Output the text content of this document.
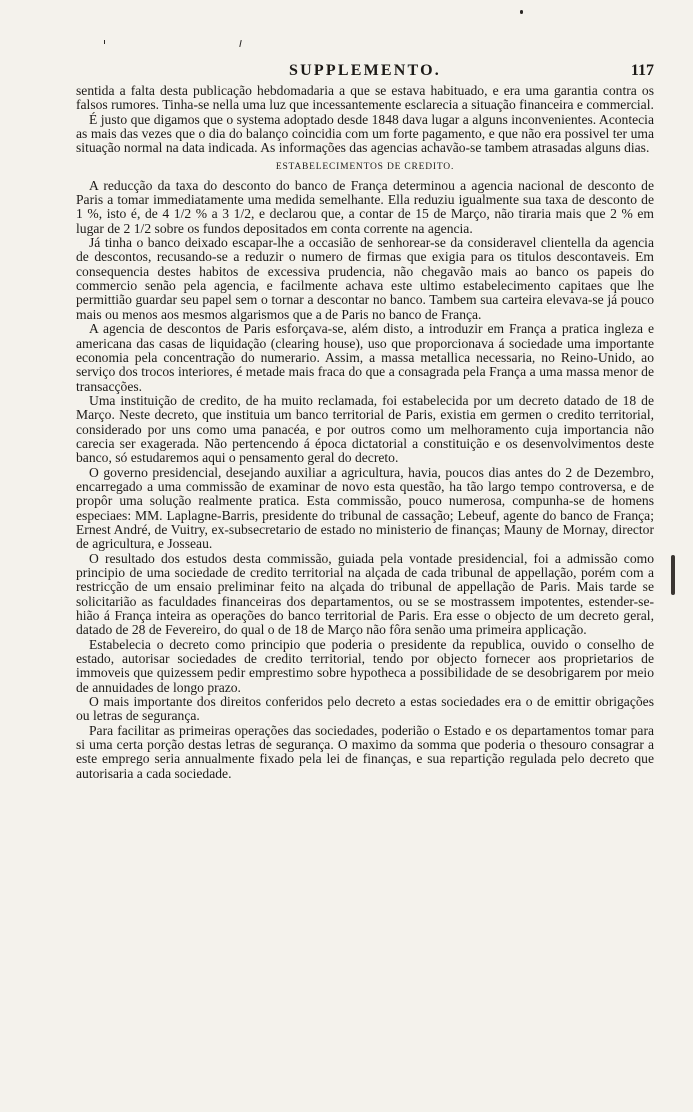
SUPPLEMENTO.	117

sentida a falta desta publicação hebdomadaria a que se estava habituado, e era uma garantia contra os falsos rumores. Tinha-se nella uma luz que incessantemente esclarecia a situação financeira e commercial.

É justo que digamos que o systema adoptado desde 1848 dava lugar a alguns inconvenientes. Acontecia as mais das vezes que o dia do balanço coincidia com um forte pagamento, e que não era possivel ter uma situação normal na data indicada. As informações das agencias achavão-se tambem atrasadas alguns dias.

ESTABELECIMENTOS DE CREDITO.

A reducção da taxa do desconto do banco de França determinou a agencia nacional de desconto de Paris a tomar immediatamente uma medida semelhante. Ella reduziu igualmente sua taxa de desconto de 1 %, isto é, de 4 1/2 % a 3 1/2, e declarou que, a contar de 15 de Março, não tiraria mais que 2 % em lugar de 2 1/2 sobre os fundos depositados em conta corrente na agencia.

Já tinha o banco deixado escapar-lhe a occasião de senhorear-se da consideravel clientella da agencia de descontos, recusando-se a reduzir o numero de firmas que exigia para os titulos descontaveis. Em consequencia destes habitos de excessiva prudencia, não chegavão mais ao banco os papeis do commercio senão pela agencia, e facilmente achava este ultimo estabelecimento capitaes que lhe permittião guardar seu papel sem o tornar a descontar no banco. Tambem sua carteira elevava-se já pouco mais ou menos aos mesmos algarismos que a de Paris no banco de França.

A agencia de descontos de Paris esforçava-se, além disto, a introduzir em França a pratica ingleza e americana das casas de liquidação (clearing house), uso que proporcionava á sociedade uma importante economia pela concentração do numerario. Assim, a massa metallica necessaria, no Reino-Unido, ao serviço dos trocos interiores, é metade mais fraca do que a consagrada pela França a uma massa menor de transacções.

Uma instituição de credito, de ha muito reclamada, foi estabelecida por um decreto datado de 18 de Março. Neste decreto, que instituia um banco territorial de Paris, existia em germen o credito territorial, considerado por uns como uma panacéa, e por outros como um melhoramento cuja importancia não carecia ser exagerada. Não pertencendo á época dictatorial a constituição e os desenvolvimentos deste banco, só estudaremos aqui o pensamento geral do decreto.

O governo presidencial, desejando auxiliar a agricultura, havia, poucos dias antes do 2 de Dezembro, encarregado a uma commissão de examinar de novo esta questão, ha tão largo tempo controversa, e de propôr uma solução realmente pratica. Esta commissão, pouco numerosa, compunha-se de homens especiaes: MM. Laplagne-Barris, presidente do tribunal de cassação; Lebeuf, agente do banco de França; Ernest André, de Vuitry, ex-subsecretario de estado no ministerio de finanças; Mauny de Mornay, director de agricultura, e Josseau.

O resultado dos estudos desta commissão, guiada pela vontade presidencial, foi a admissão como principio de uma sociedade de credito territorial na alçada de cada tribunal de appellação, porém com a restricção de um ensaio preliminar feito na alçada do tribunal de appellação de Paris. Mais tarde se solicitarião as faculdades financeiras dos departamentos, ou se se mostrassem impotentes, estender-se-hião á França inteira as operações do banco territorial de Paris. Era esse o objecto de um decreto geral, datado de 28 de Fevereiro, do qual o de 18 de Março não fôra senão uma primeira applicação.

Estabelecia o decreto como principio que poderia o presidente da republica, ouvido o conselho de estado, autorisar sociedades de credito territorial, tendo por objecto fornecer aos proprietarios de immoveis que quizessem pedir emprestimo sobre hypotheca a possibilidade de se desobrigarem por meio de annuidades de longo prazo.

O mais importante dos direitos conferidos pelo decreto a estas sociedades era o de emittir obrigações ou letras de segurança.

Para facilitar as primeiras operações das sociedades, poderião o Estado e os departamentos tomar para si uma certa porção destas letras de segurança. O maximo da somma que poderia o thesouro consagrar a este emprego seria annualmente fixado pela lei de finanças, e sua repartição regulada pelo decreto que autorisaria a cada sociedade.
